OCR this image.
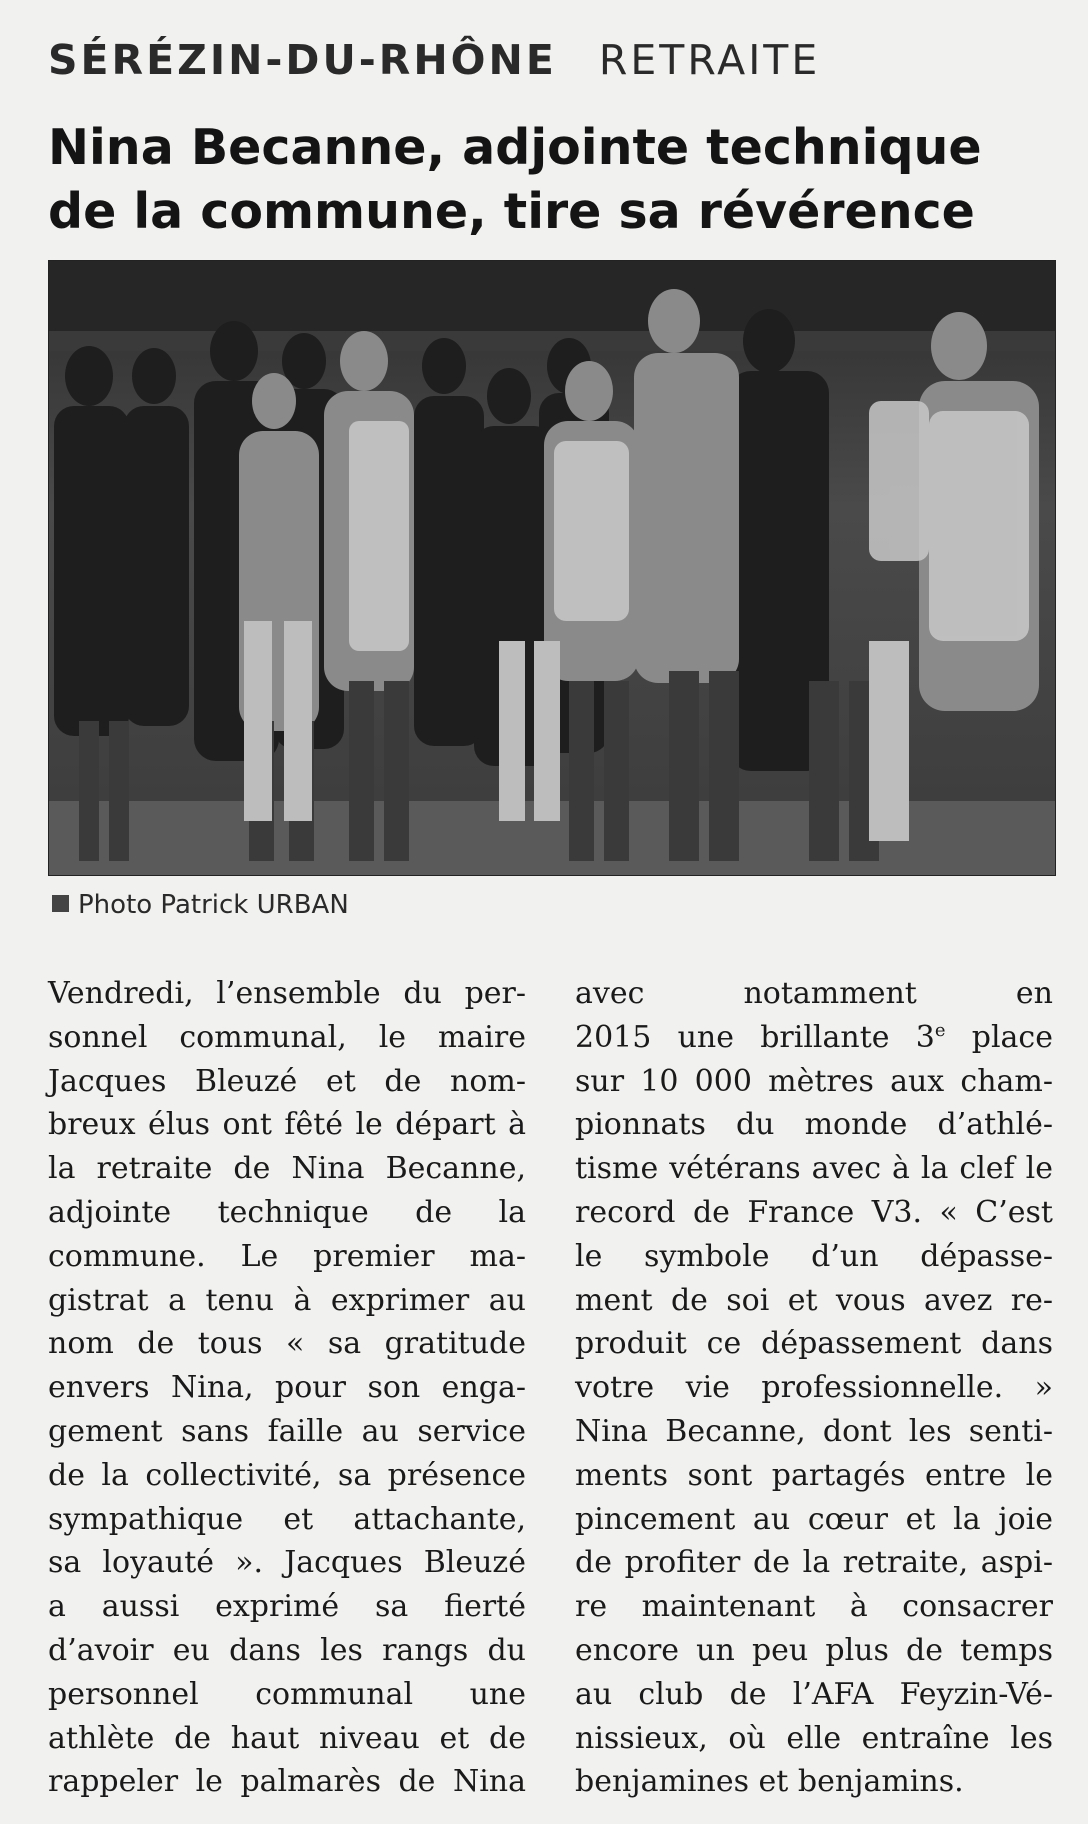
SÉRÉZIN-DU-RHÔNE RETRAITE
Nina Becanne, adjointe technique
de la commune, tire sa révérence
Photo Patrick URBAN
Vendredi, l’ensemble du per-
sonnel communal, le maire
Jacques Bleuzé et de nom-
breux élus ont fêté le départ à
la retraite de Nina Becanne,
adjointe technique de la
commune. Le premier ma-
gistrat a tenu à exprimer au
nom de tous « sa gratitude
envers Nina, pour son enga-
gement sans faille au service
de la collectivité, sa présence
sympathique et attachante,
sa loyauté ». Jacques Bleuzé
a aussi exprimé sa fierté
d’avoir eu dans les rangs du
personnel communal une
athlète de haut niveau et de
rappeler le palmarès de Nina
avec notamment en
2015 une brillante 3e place
sur 10 000 mètres aux cham-
pionnats du monde d’athlé-
tisme vétérans avec à la clef le
record de France V3. « C’est
le symbole d’un dépasse-
ment de soi et vous avez re-
produit ce dépassement dans
votre vie professionnelle. »
Nina Becanne, dont les senti-
ments sont partagés entre le
pincement au cœur et la joie
de profiter de la retraite, aspi-
re maintenant à consacrer
encore un peu plus de temps
au club de l’AFA Feyzin-Vé-
nissieux, où elle entraîne les
benjamines et benjamins.
